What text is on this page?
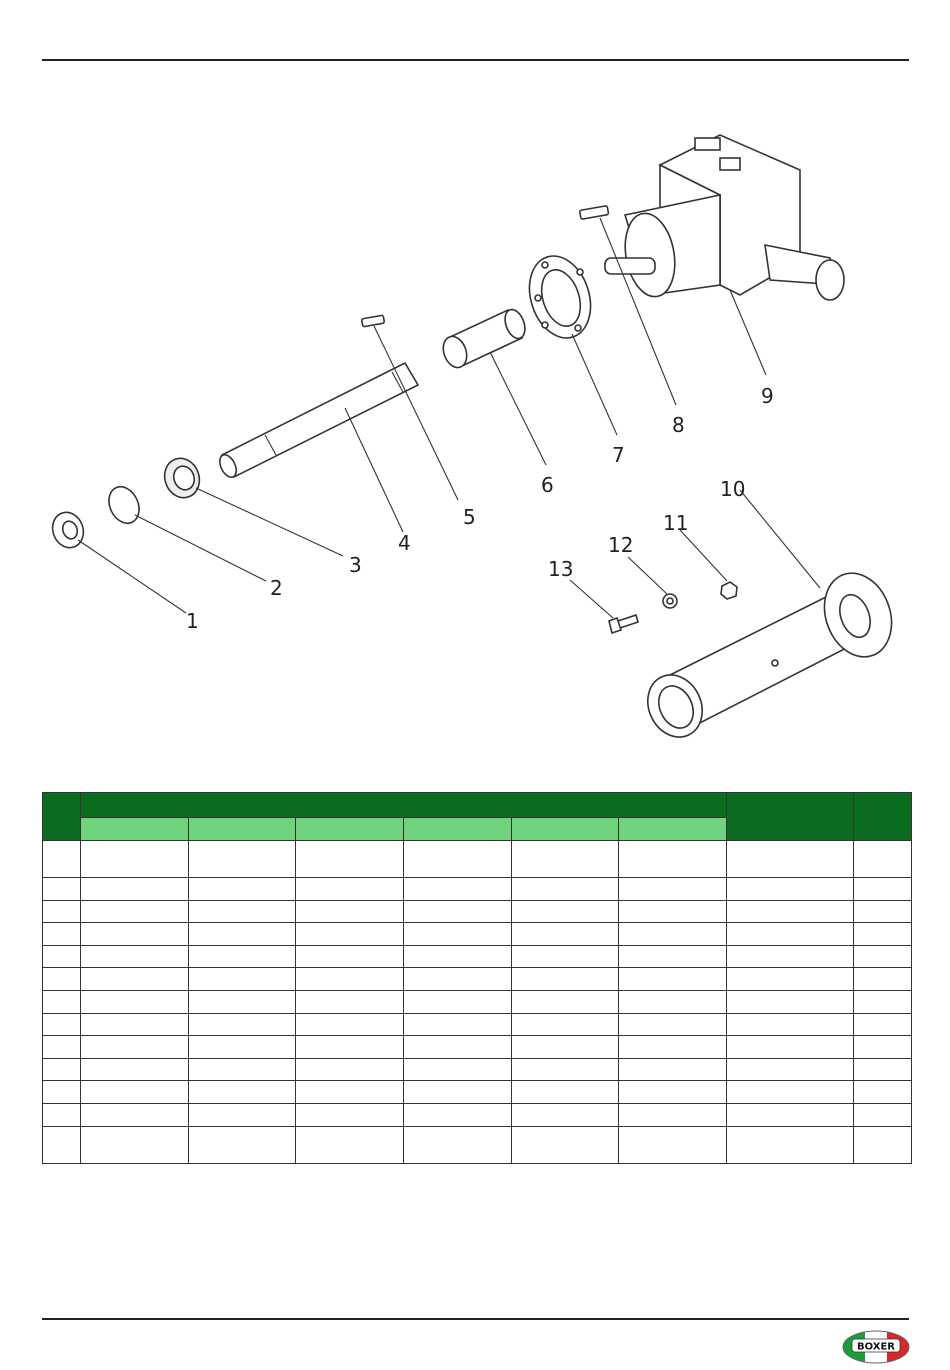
1
2
3
4
5
6
7
8
9
10
11
12
13

BOXER
